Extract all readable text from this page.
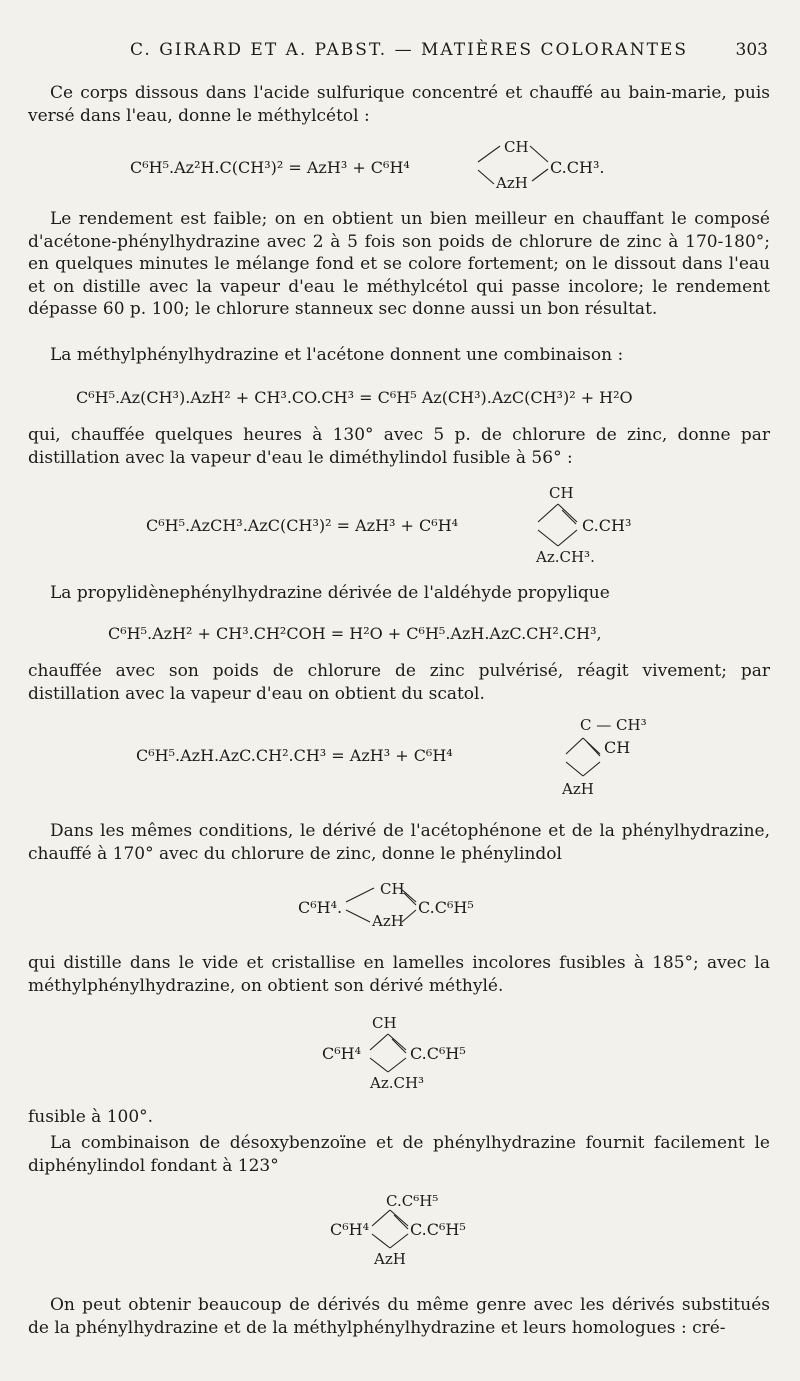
C. GIRARD ET A. PABST. — MATIÈRES COLORANTES	303

Ce corps dissous dans l'acide sulfurique concentré et chauffé au bain-marie, puis versé dans l'eau, donne le méthylcétol :

C⁶H⁵.Az²H.C(CH³)² = AzH³ + C⁶H⁴
CH
C.CH³.
AzH

Le rendement est faible; on en obtient un bien meilleur en chauffant le composé d'acétone-phénylhydrazine avec 2 à 5 fois son poids de chlorure de zinc à 170-180°; en quelques minutes le mélange fond et se colore fortement; on le dissout dans l'eau et on distille avec la vapeur d'eau le méthylcétol qui passe incolore; le rendement dépasse 60 p. 100; le chlorure stanneux sec donne aussi un bon résultat.

La méthylphénylhydrazine et l'acétone donnent une combinaison :

C⁶H⁵.Az(CH³).AzH² + CH³.CO.CH³ = C⁶H⁵ Az(CH³).AzC(CH³)² + H²O

qui, chauffée quelques heures à 130° avec 5 p. de chlorure de zinc, donne par distillation avec la vapeur d'eau le diméthylindol fusible à 56° :

CH
C⁶H⁵.AzCH³.AzC(CH³)² = AzH³ + C⁶H⁴	C.CH³
Az.CH³.

La propylidènephénylhydrazine dérivée de l'aldéhyde propylique

C⁶H⁵.AzH² + CH³.CH²COH = H²O + C⁶H⁵.AzH.AzC.CH².CH³,

chauffée avec son poids de chlorure de zinc pulvérisé, réagit vivement; par distillation avec la vapeur d'eau on obtient du scatol.

C — CH³
C⁶H⁵.AzH.AzC.CH².CH³ = AzH³ + C⁶H⁴	CH
AzH

Dans les mêmes conditions, le dérivé de l'acétophénone et de la phénylhydrazine, chauffé à 170° avec du chlorure de zinc, donne le phénylindol

CH
C⁶H⁴.	C.C⁶H⁵
AzH

qui distille dans le vide et cristallise en lamelles incolores fusibles à 185°; avec la méthylphénylhydrazine, on obtient son dérivé méthylé.

CH
C⁶H⁴	C.C⁶H⁵
Az.CH³

fusible à 100°.

La combinaison de désoxybenzoïne et de phénylhydrazine fournit facilement le diphénylindol fondant à 123°

C.C⁶H⁵
C⁶H⁴	C.C⁶H⁵
AzH

On peut obtenir beaucoup de dérivés du même genre avec les dérivés substitués de la phénylhydrazine et de la méthylphénylhydrazine et leurs homologues : cré-
